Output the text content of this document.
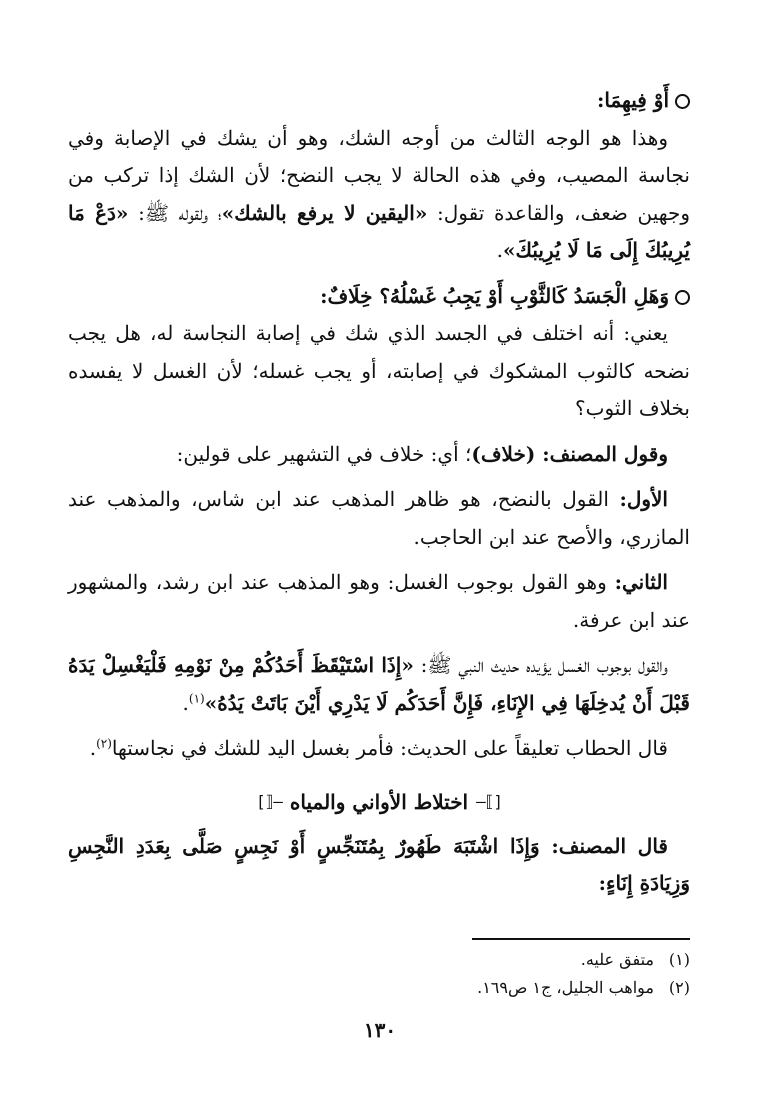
أَوْ فِيهِمَا:

وهذا هو الوجه الثالث من أوجه الشك، وهو أن يشك في الإصابة وفي نجاسة المصيب، وفي هذه الحالة لا يجب النضح؛ لأن الشك إذا تركب من وجهين ضعف، والقاعدة تقول: «اليقين لا يرفع بالشك»؛ ولقوله ﷺ: «دَعْ مَا يُرِيبُكَ إِلَى مَا لَا يُرِيبُكَ».

وَهَلِ الْجَسَدُ كَالثَّوْبِ أَوْ يَجِبُ غَسْلُهُ؟ خِلَافٌ:

يعني: أنه اختلف في الجسد الذي شك في إصابة النجاسة له، هل يجب نضحه كالثوب المشكوك في إصابته، أو يجب غسله؛ لأن الغسل لا يفسده بخلاف الثوب؟

وقول المصنف: (خلاف)؛ أي: خلاف في التشهير على قولين:

الأول: القول بالنضح، هو ظاهر المذهب عند ابن شاس، والمذهب عند المازري، والأصح عند ابن الحاجب.

الثاني: وهو القول بوجوب الغسل: وهو المذهب عند ابن رشد، والمشهور عند ابن عرفة.

والقول بوجوب الغسل يؤيده حديث النبي ﷺ: «إِذَا اسْتَيْقَظَ أَحَدُكُمْ مِنْ نَوْمِهِ فَلْيَغْسِلْ يَدَهُ قَبْلَ أَنْ يُدخِلَهَا فِي الإِنَاءِ، فَإِنَّ أَحَدَكُم لَا يَدْرِي أَيْنَ بَاتَتْ يَدُهُ»$^{(١)}$.

قال الحطاب تعليقاً على الحديث: فأمر بغسل اليد للشك في نجاستها$^{(٢)}$.

—⟦]
اختلاط الأواني والمياه
[⟧—

قال المصنف: وَإِذَا اشْتَبَهَ طَهُورٌ بِمُتَنَجِّسٍ أَوْ نَجِسٍ صَلَّى بِعَدَدِ النَّجِسِ وَزِيَادَةِ إِنَاءٍ:

(١)متفق عليه.
(٢)مواهب الجليل، ج١ ص١٦٩.
١٣٠
